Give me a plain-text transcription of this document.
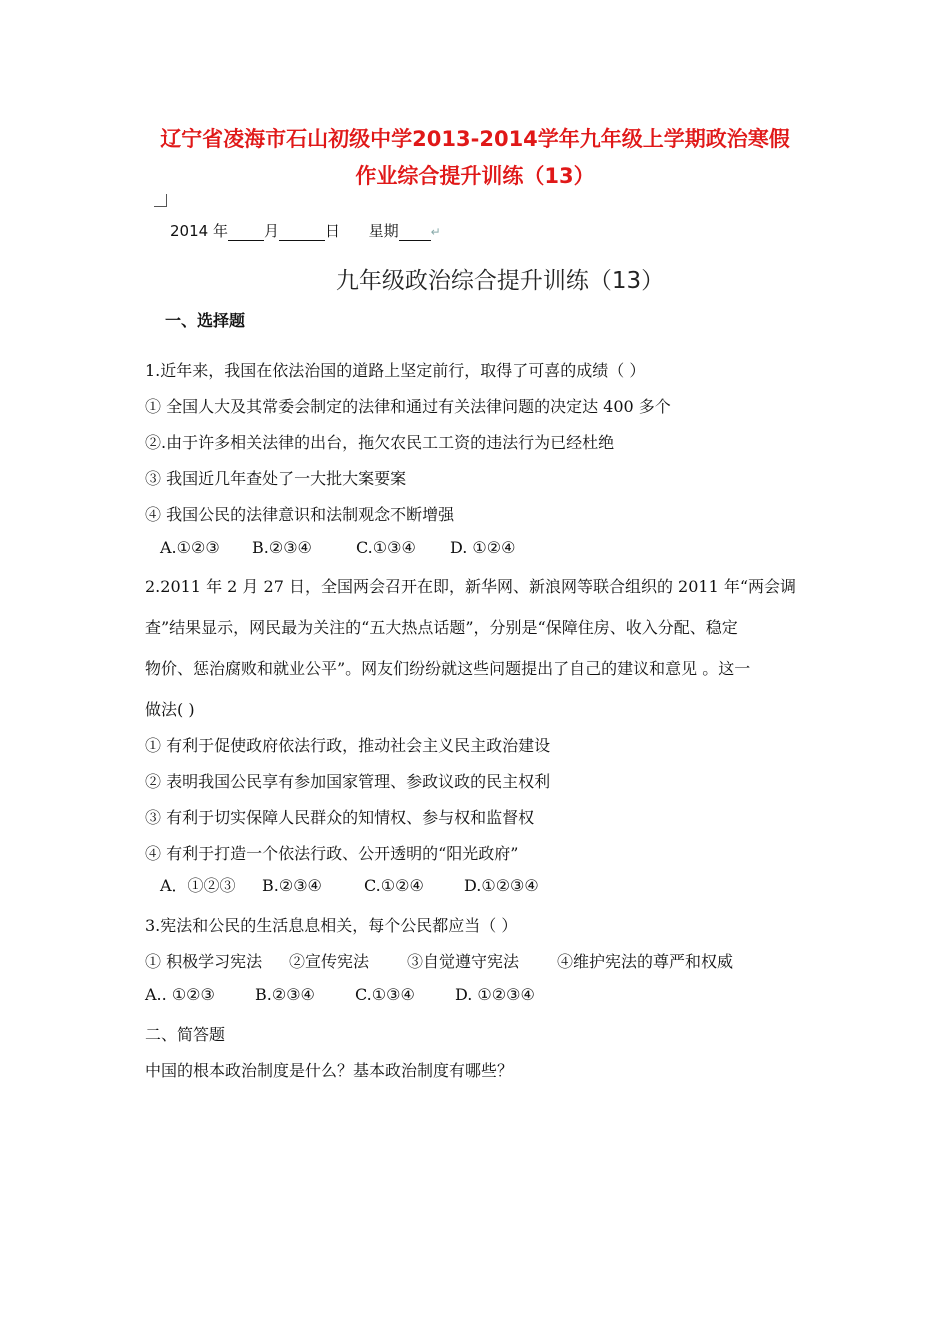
辽宁省凌海市石山初级中学2013-2014学年九年级上学期政治寒假
作业综合提升训练（13）
2014 年 月	日 星期	↵
九年级政治综合提升训练（13）
一、选择题
1.近年来，我国在依法治国的道路上坚定前行，取得了可喜的成绩（ ）
① 全国人大及其常委会制定的法律和通过有关法律问题的决定达 400 多个
②.由于许多相关法律的出台，拖欠农民工工资的违法行为已经杜绝
③ 我国近几年查处了一大批大案要案
④ 我国公民的法律意识和法制观念不断增强
A.①②③ B.②③④	C.①③④ D. ①②④
2.2011 年 2 月 27 日，全国两会召开在即，新华网、新浪网等联合组织的 2011 年“两会调
查”结果显示，网民最为关注的“五大热点话题”，分别是“保障住房、收入分配、稳定
物价、惩治腐败和就业公平”。网友们纷纷就这些问题提出了自己的建议和意见 。这一
做法( )
① 有利于促使政府依法行政，推动社会主义民主政治建设
② 表明我国公民享有参加国家管理、参政议政的民主权利
③ 有利于切实保障人民群众的知情权、参与权和监督权
④ 有利于打造一个依法行政、公开透明的“阳光政府”
A．①②③ B.②③④	C.①②④	D.①②③④
3.宪法和公民的生活息息相关，每个公民都应当（ ）
① 积极学习宪法 ②宣传宪法 ③自觉遵守宪法 ④维护宪法的尊严和权威
A.. ①②③	B.②③④	C.①③④	D. ①②③④
二、简答题
中国的根本政治制度是什么？基本政治制度有哪些？
